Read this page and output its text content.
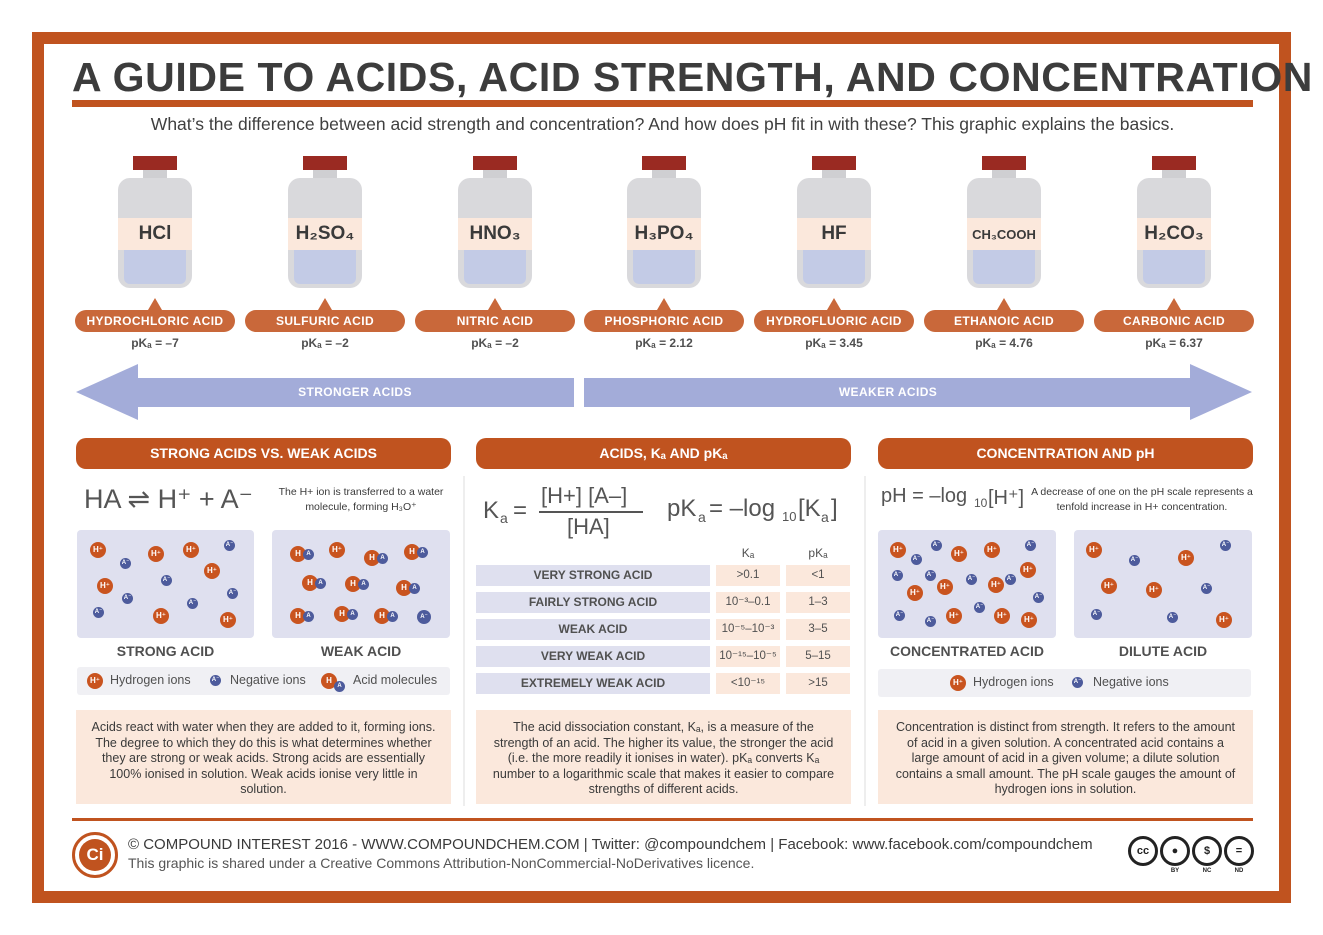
A GUIDE TO ACIDS, ACID STRENGTH, AND CONCENTRATION
What’s the difference between acid strength and concentration? And how does pH fit in with these? This graphic explains the basics.
HCl
HYDROCHLORIC ACID
pKₐ = –7
H₂SO₄
SULFURIC ACID
pKₐ = –2
HNO₃
NITRIC ACID
pKₐ = –2
H₃PO₄
PHOSPHORIC ACID
pKₐ = 2.12
HF
HYDROFLUORIC ACID
pKₐ = 3.45
CH₃COOH
ETHANOIC ACID
pKₐ = 4.76
H₂CO₃
CARBONIC ACID
pKₐ = 6.37
STRONGER ACIDS	WEAKER ACIDS
STRONG ACIDS VS. WEAK ACIDS	ACIDS, Kₐ AND pKₐ	CONCENTRATION AND pH
HA ⇌ H⁺ + A⁻ The H+ ion is transferred to a water molecule, forming H₃O⁺
H⁺
A⁻
H⁺	H⁺	A⁻
H⁺
A⁻
A⁻
H⁺
A⁻
A⁻	H⁺
A⁻
H⁺
H A	H⁺
H A
H A
H A	H A	H A
H A	H A	H A	A⁻
STRONG ACID	WEAK ACID
H⁺ Hydrogen ions	A⁻ Negative ions	H
A Acid molecules
Acids react with water when they are added to it, forming ions. The degree to which they do this is what determines whether they are strong or weak acids. Strong acids are essentially 100% ionised in solution. Weak acids ionise very little in solution.
K a =
[H+] [A–]
[HA]
pK a = –log 10 [K a ]
Kₐ	pKₐ
VERY STRONG ACID	>0.1	<1
FAIRLY STRONG ACID	10⁻³–0.1	1–3
WEAK ACID	10⁻⁵–10⁻³	3–5
VERY WEAK ACID	10⁻¹⁵–10⁻⁵	5–15
EXTREMELY WEAK ACID	<10⁻¹⁵	>15
The acid dissociation constant, Kₐ, is a measure of the strength of an acid. The higher its value, the stronger the acid (i.e. the more readily it ionises in water). pKₐ converts Kₐ number to a logarithmic scale that makes it easier to compare strengths of different acids.
pH = –log 10 [H⁺] A decrease of one on the pH scale represents a tenfold increase in H+ concentration.
H⁺	A⁻
H⁺	H⁺	A⁻
A⁻
A⁻	A⁻
A⁻	A⁻
H⁺
H⁺
H⁺	H⁺
A⁻
A⁻
A⁻
H⁺
A⁻
H⁺	H⁺
H⁺
A⁻	H⁺
A⁻
H⁺	H⁺	A⁻
A⁻	A⁻	H⁺
CONCENTRATED ACID	DILUTE ACID
H⁺ Hydrogen ions	A⁻ Negative ions
Concentration is distinct from strength. It refers to the amount of acid in a given solution. A concentrated acid contains a large amount of acid in a given volume; a dilute solution contains a small amount. The pH scale gauges the amount of hydrogen ions in solution.
Ci
© COMPOUND INTEREST 2016 - WWW.COMPOUNDCHEM.COM | Twitter: @compoundchem | Facebook: www.facebook.com/compoundchem
This graphic is shared under a Creative Commons Attribution-NonCommercial-NoDerivatives licence.
cc	●
BY
$
NC
=
ND
